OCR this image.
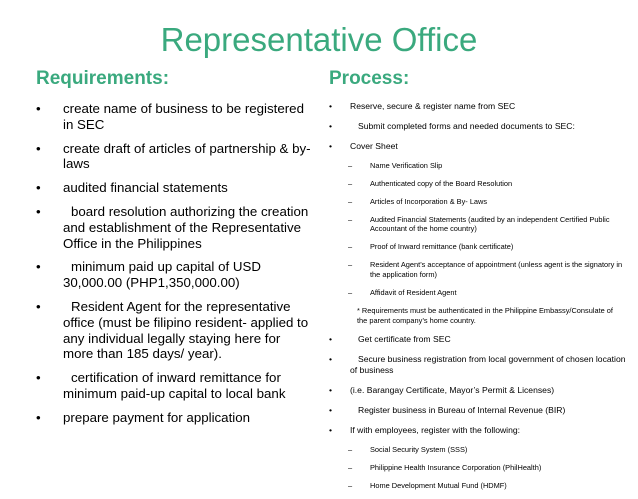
Representative Office
Requirements:	Process:
• create name of business to be registered in SEC
• create draft of articles of partnership & by- laws
• audited financial statements
• board resolution authorizing the creation and establishment of the Representative Office in the Philippines
• minimum paid up capital of USD 30,000.00 (PHP1,350,000.00)
• Resident Agent for the representative office (must be filipino resident- applied to any individual legally staying here for more than 185 days/ year).
• certification of inward remittance for minimum paid-up capital to local bank
• prepare payment for application
• Reserve, secure & register name from SEC
•	Submit completed forms and needed documents to SEC:
• Cover Sheet
– Name Verification Slip
– Authenticated copy of the Board Resolution
– Articles of Incorporation & By- Laws
– Audited Financial Statements (audited by an independent Certified Public Accountant of the home country)
– Proof of Inward remittance (bank certificate)
– Resident Agent’s acceptance of appointment (unless agent is the signatory in the application form)
– Affidavit of Resident Agent
* Requirements must be authenticated in the Philippine Embassy/Consulate of the parent company’s home country.
•	Get certificate from SEC
•	Secure business registration from local government of chosen location of business
• (i.e. Barangay Certificate, Mayor’s Permit & Licenses)
•	Register business in Bureau of Internal Revenue (BIR)
• If with employees, register with the following:
– Social Security System (SSS)
– Philippine Health Insurance Corporation (PhilHealth)
– Home Development Mutual Fund (HDMF)
